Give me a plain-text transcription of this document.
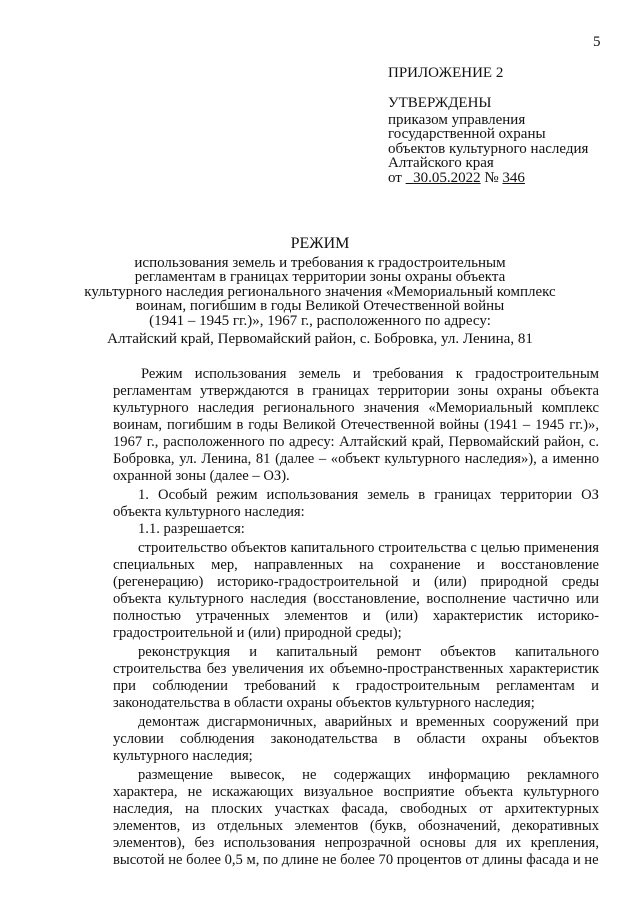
5
ПРИЛОЖЕНИЕ 2
УТВЕРЖДЕНЫ
приказом управления
государственной охраны
объектов культурного наследия
Алтайского края
от 30.05.2022 № 346
РЕЖИМ
использования земель и требования к градостроительным
регламентам в границах территории зоны охраны объекта
культурного наследия регионального значения «Мемориальный комплекс
воинам, погибшим в годы Великой Отечественной войны
(1941 – 1945 гг.)», 1967 г., расположенного по адресу:
Алтайский край, Первомайский район, с. Бобровка, ул. Ленина, 81

Режим использования земель и требования к градостроительным регламентам утверждаются в границах территории зоны охраны объекта культурного наследия регионального значения «Мемориальный комплекс воинам, погибшим в годы Великой Отечественной войны (1941 – 1945 гг.)», 1967 г., расположенного по адресу: Алтайский край, Первомайский район, с. Бобровка, ул. Ленина, 81 (далее – «объект культурного наследия»), а именно охранной зоны (далее – ОЗ).

1. Особый режим использования земель в границах территории ОЗ объекта культурного наследия:

1.1. разрешается:

строительство объектов капитального строительства с целью применения специальных мер, направленных на сохранение и восстановление (регенерацию) историко-градостроительной и (или) природной среды объекта культурного наследия (восстановление, восполнение частично или полностью утраченных элементов и (или) характеристик историко-градостроительной и (или) природной среды);

реконструкция и капитальный ремонт объектов капитального строительства без увеличения их объемно-пространственных характеристик при соблюдении требований к градостроительным регламентам и законодательства в области охраны объектов культурного наследия;

демонтаж дисгармоничных, аварийных и временных сооружений при условии соблюдения законодательства в области охраны объектов культурного наследия;

размещение вывесок, не содержащих информацию рекламного характера, не искажающих визуальное восприятие объекта культурного наследия, на плоских участках фасада, свободных от архитектурных элементов, из отдельных элементов (букв, обозначений, декоративных элементов), без использования непрозрачной основы для их крепления, высотой не более 0,5 м, по длине не более 70 процентов от длины фасада и не
